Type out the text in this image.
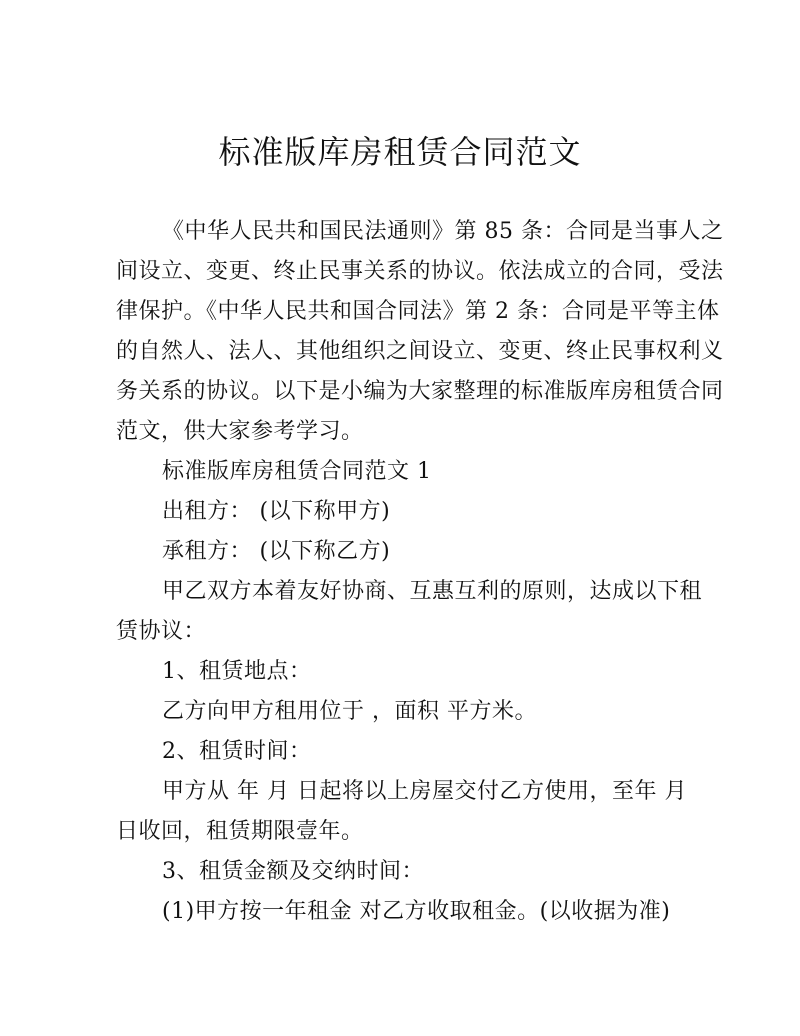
标准版库房租赁合同范文
《中华人民共和国民法通则》第 85 条：合同是当事人之
间设立、变更、终止民事关系的协议。依法成立的合同，受法
律保护。《中华人民共和国合同法》第 2 条：合同是平等主体
的自然人、法人、其他组织之间设立、变更、终止民事权利义
务关系的协议。以下是小编为大家整理的标准版库房租赁合同
范文，供大家参考学习。
标准版库房租赁合同范文 1
出租方： (以下称甲方)
承租方： (以下称乙方)
甲乙双方本着友好协商、互惠互利的原则，达成以下租
赁协议：
1、租赁地点：
乙方向甲方租用位于 ，面积 平方米。
2、租赁时间：
甲方从 年 月 日起将以上房屋交付乙方使用，至年 月
日收回，租赁期限壹年。
3、租赁金额及交纳时间：
(1)甲方按一年租金 对乙方收取租金。(以收据为准)
